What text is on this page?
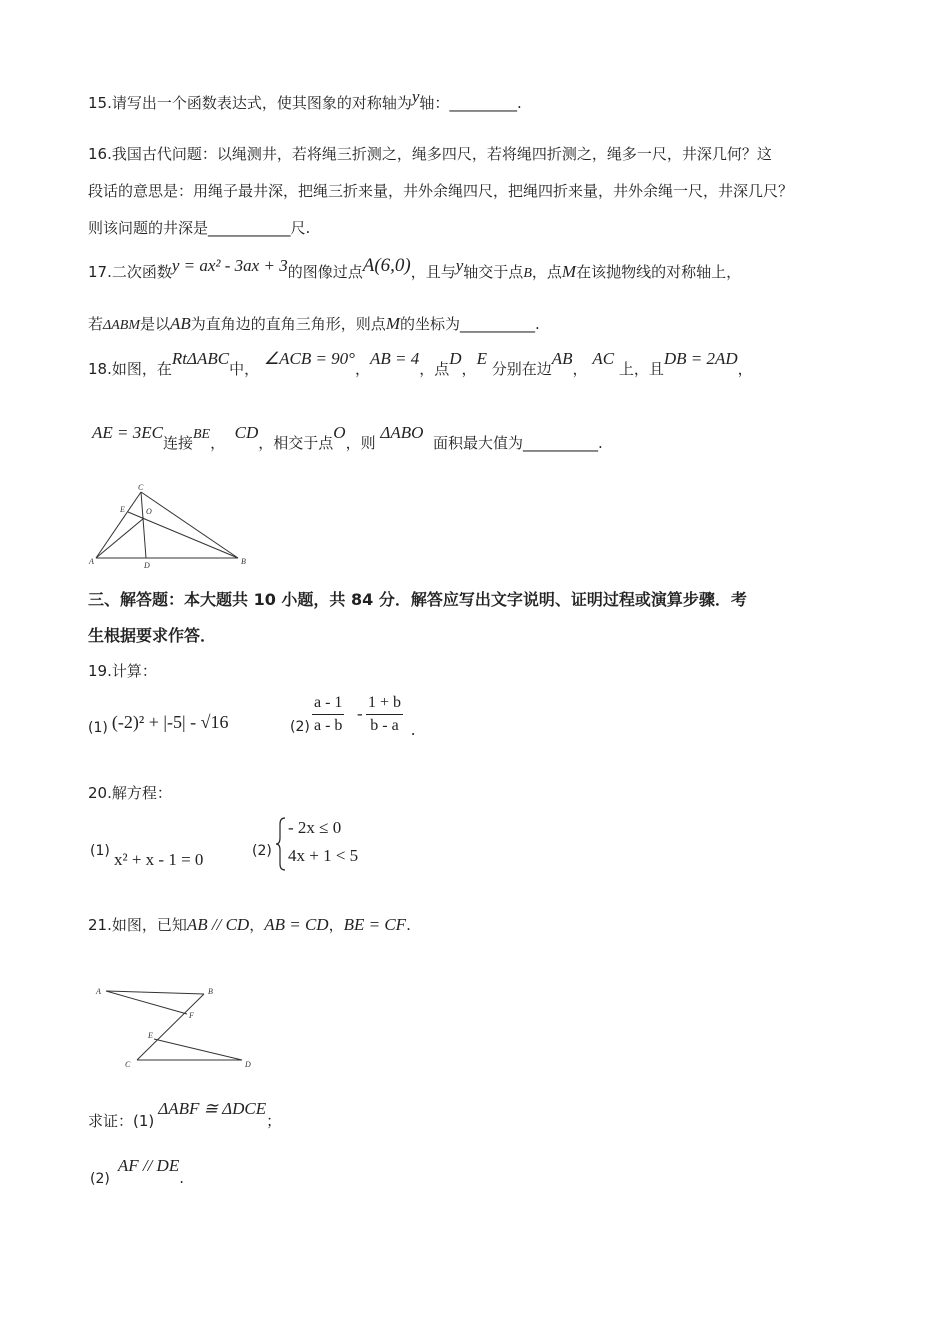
15.请写出一个函数表达式，使其图象的对称轴为y轴：_________.
16.我国古代问题：以绳测井，若将绳三折测之，绳多四尺，若将绳四折测之，绳多一尺，井深几何？这
段话的意思是：用绳子最井深，把绳三折来量，井外余绳四尺，把绳四折来量，井外余绳一尺，井深几尺？
则该问题的井深是___________尺.
17.二次函数y = ax² - 3ax + 3的图像过点A(6,0)，且与y轴交于点B，点M在该抛物线的对称轴上，
若ΔABM是以AB为直角边的直角三角形，则点M的坐标为__________.
18.如图，在RtΔABC中， ∠ACB = 90°，AB = 4，点D，E 分别在边AB， AC 上，且DB = 2AD，
AE = 3EC连接BE，  CD，相交于点O，则 ΔABO  面积最大值为__________.
A	B
C
D
E	O
三、解答题：本大题共 10 小题，共 84 分．解答应写出文字说明、证明过程或演算步骤．考
生根据要求作答．
19.计算：
(1) (-2)² + |-5| - √16	(2)
a - 1
a - b
-
1 + b
b - a .
20.解方程：
(1) x² + x - 1 = 0	(2)
- 2x ≤ 0
4x + 1 < 5
21.如图，已知AB // CD，AB = CD，BE = CF.
A	B
C	D
E
F
求证：(1)ΔABF ≅ ΔDCE；
(2)AF // DE.
